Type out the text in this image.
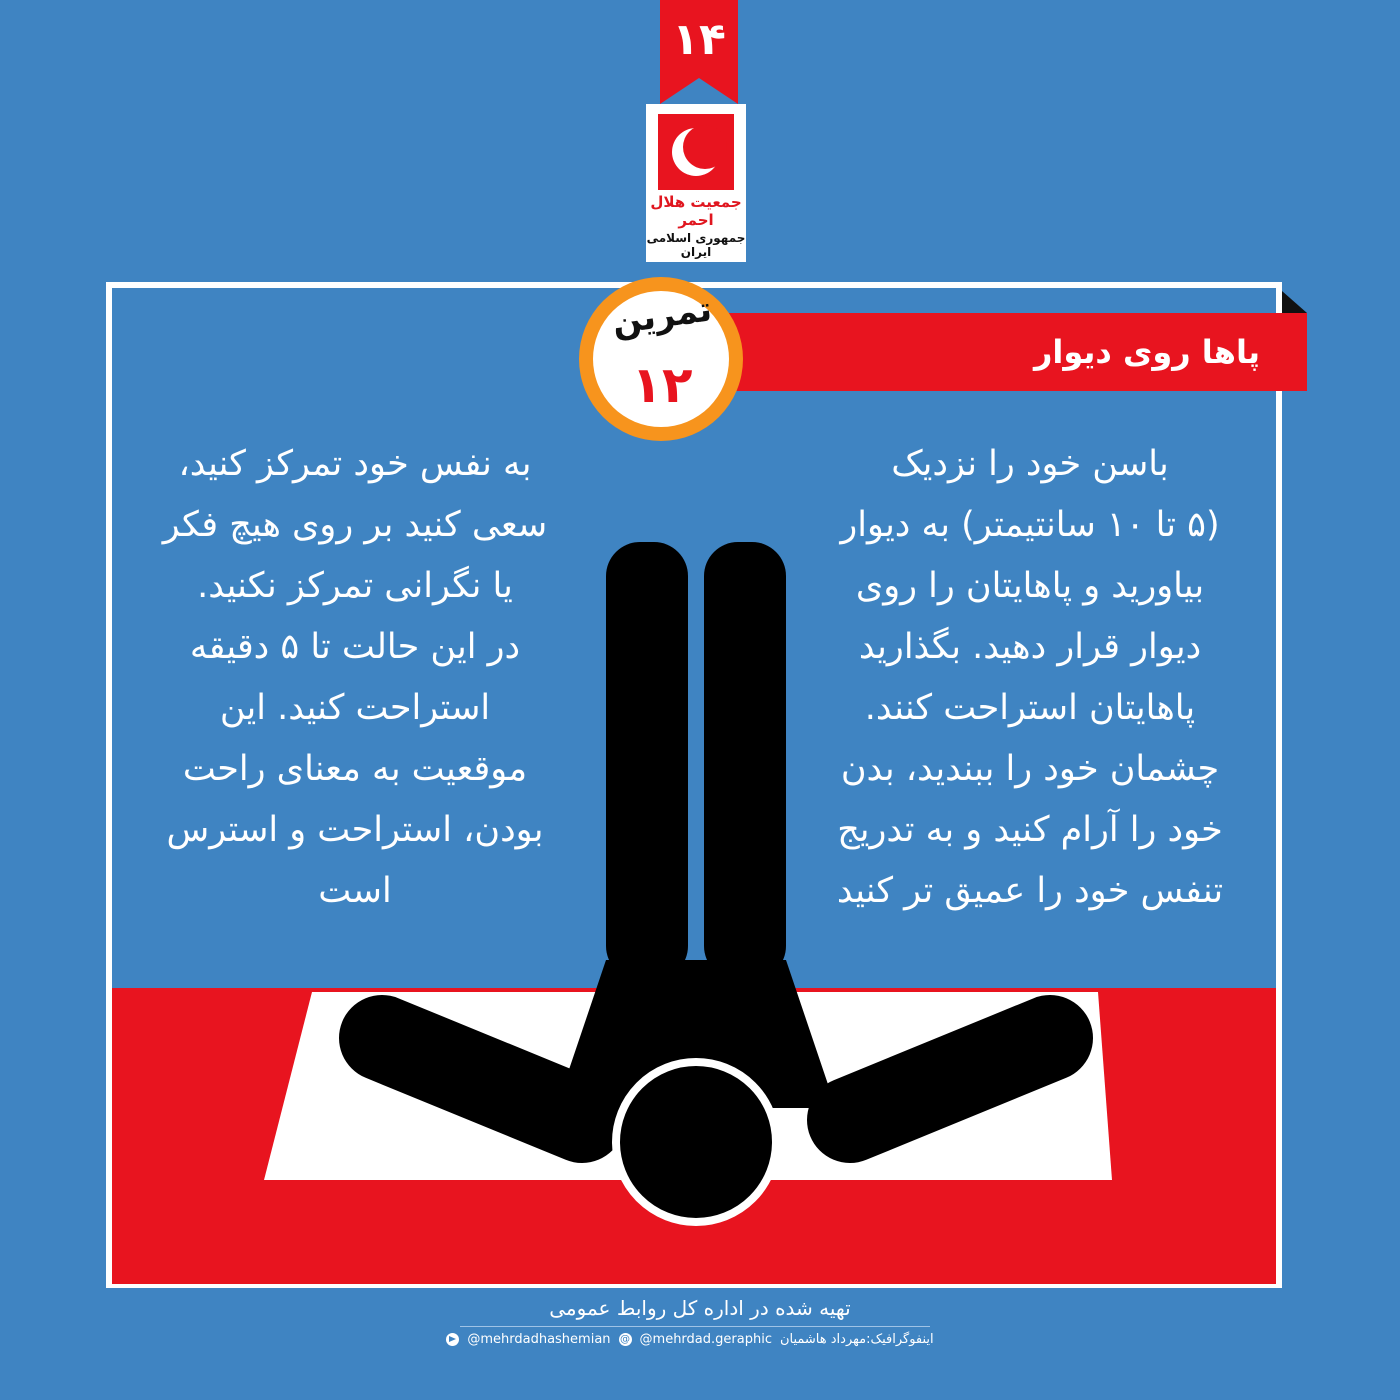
۱۴
جمعیت هلال احمر
جمهوری اسلامی ایران
پاها روی دیوار
تمرین
۱۲
باسن خود را نزدیک
(۵ تا ۱۰ سانتیمتر) به دیوار
بیاورید و پاهایتان را روی
دیوار قرار دهید. بگذارید
پاهایتان استراحت کنند.
چشمان خود را ببندید، بدن
خود را آرام کنید و به تدریج
تنفس خود را عمیق تر کنید
به نفس خود تمرکز کنید،
سعی کنید بر روی هیچ فکر
یا نگرانی تمرکز نکنید.
در این حالت تا ۵ دقیقه
استراحت کنید. این
موقعیت به معنای راحت
بودن، استراحت و استرس
است
تهیه شده در اداره کل روابط عمومی
@mehrdadhashemian @ @mehrdad.geraphic اینفوگرافیک:مهرداد هاشمیان
